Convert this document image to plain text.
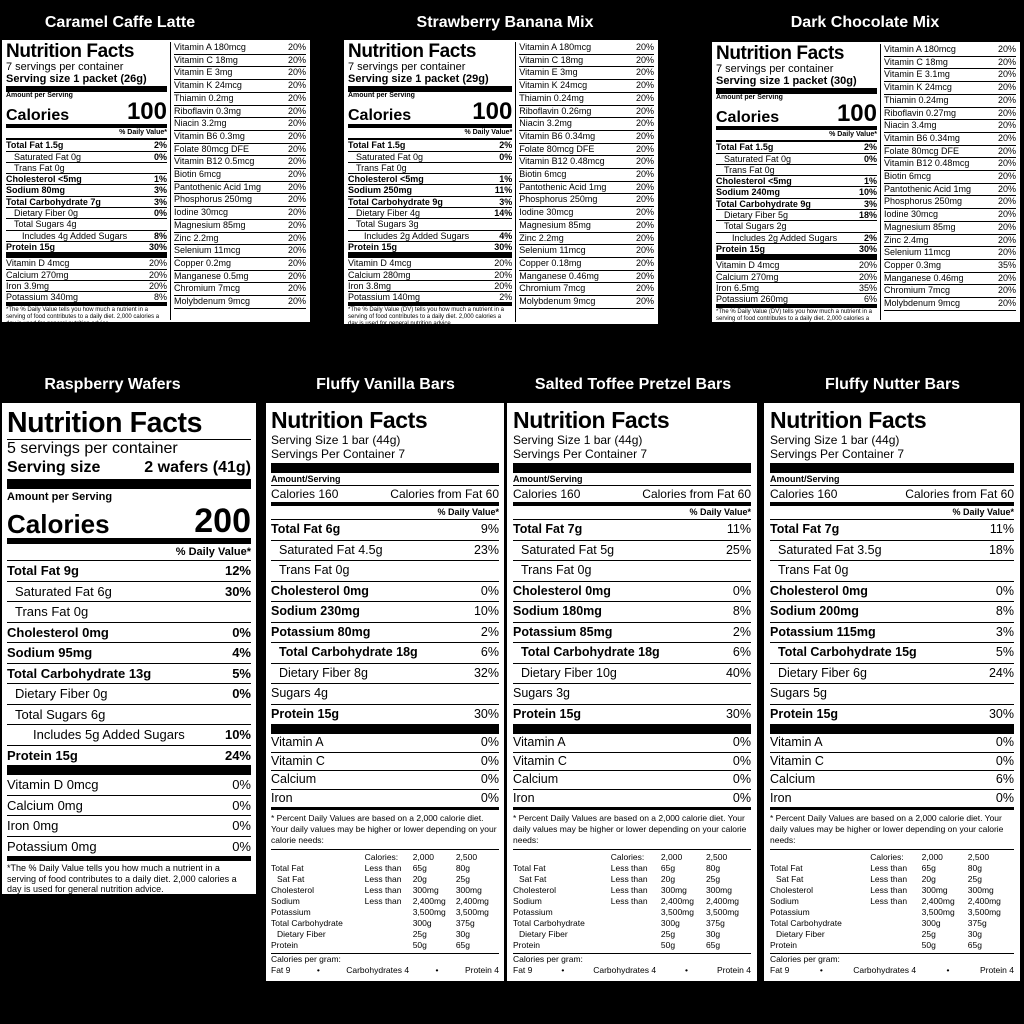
Caramel Caffe Latte	Strawberry Banana Mix	Dark Chocolate Mix
Raspberry Wafers	Fluffy Vanilla Bars	Salted Toffee Pretzel Bars	Fluffy Nutter Bars
Nutrition Facts
7 servings per container
Serving size 1 packet (26g)
Amount per Serving
Calories 100
% Daily Value*
Total Fat 1.5g	2%
Saturated Fat 0g	0%
Trans Fat 0g
Cholesterol <5mg	1%
Sodium 80mg	3%
Total Carbohydrate 7g	3%
Dietary Fiber 0g	0%
Total Sugars 4g
Includes 4g Added Sugars	8%
Protein 15g	30%
Vitamin D 4mcg	20%
Calcium 270mg	20%
Iron 3.9mg	20%
Potassium 340mg	8%
*The % Daily Value tells you how much a nutrient in a serving of food contributes to a daily diet. 2,000 calories a day is used for general nutrition advice.
Vitamin A 180mcg	20%
Vitamin C 18mg	20%
Vitamin E 3mg	20%
Vitamin K 24mcg	20%
Thiamin 0.2mg	20%
Riboflavin 0.3mg	20%
Niacin 3.2mg	20%
Vitamin B6 0.3mg	20%
Folate 80mcg DFE	20%
Vitamin B12 0.5mcg	20%
Biotin 6mcg	20%
Pantothenic Acid 1mg	20%
Phosphorus 250mg	20%
Iodine 30mcg	20%
Magnesium 85mg	20%
Zinc 2.2mg	20%
Selenium 11mcg	20%
Copper 0.2mg	20%
Manganese 0.5mg	20%
Chromium 7mcg	20%
Molybdenum 9mcg	20%
Nutrition Facts
7 servings per container
Serving size 1 packet (29g)
Amount per Serving
Calories	100
% Daily Value*
Total Fat 1.5g	2%
Saturated Fat 0g	0%
Trans Fat 0g
Cholesterol <5mg	1%
Sodium 250mg	11%
Total Carbohydrate 9g	3%
Dietary Fiber 4g	14%
Total Sugars 3g
Includes 2g Added Sugars	4%
Protein 15g	30%
Vitamin D 4mcg	20%
Calcium 280mg	20%
Iron 3.8mg	20%
Potassium 140mg	2%
*The % Daily Value (DV) tells you how much a nutrient in a serving of food contributes to a daily diet. 2,000 calories a day is used for general nutrition advice.
Vitamin A 180mcg	20%
Vitamin C 18mg	20%
Vitamin E 3mg	20%
Vitamin K 24mcg	20%
Thiamin 0.24mg	20%
Riboflavin 0.26mg	20%
Niacin 3.2mg	20%
Vitamin B6 0.34mg	20%
Folate 80mcg DFE	20%
Vitamin B12 0.48mcg	20%
Biotin 6mcg	20%
Pantothenic Acid 1mg	20%
Phosphorus 250mg	20%
Iodine 30mcg	20%
Magnesium 85mg	20%
Zinc 2.2mg	20%
Selenium 11mcg	20%
Copper 0.18mg	20%
Manganese 0.46mg	20%
Chromium 7mcg	20%
Molybdenum 9mcg	20%
Nutrition Facts
7 servings per container
Serving size 1 packet (30g)
Amount per Serving
Calories 100
% Daily Value*
Total Fat 1.5g	2%
Saturated Fat 0g	0%
Trans Fat 0g
Cholesterol <5mg	1%
Sodium 240mg	10%
Total Carbohydrate 9g	3%
Dietary Fiber 5g	18%
Total Sugars 2g
Includes 2g Added Sugars	2%
Protein 15g	30%
Vitamin D 4mcg	20%
Calcium 270mg	20%
Iron 6.5mg	35%
Potassium 260mg	6%
*The % Daily Value (DV) tells you how much a nutrient in a serving of food contributes to a daily diet. 2,000 calories a day is used for general nutrition advice.
Vitamin A 180mcg	20%
Vitamin C 18mg	20%
Vitamin E 3.1mg	20%
Vitamin K 24mcg	20%
Thiamin 0.24mg	20%
Riboflavin 0.27mg	20%
Niacin 3.4mg	20%
Vitamin B6 0.34mg	20%
Folate 80mcg DFE	20%
Vitamin B12 0.48mcg	20%
Biotin 6mcg	20%
Pantothenic Acid 1mg	20%
Phosphorus 250mg	20%
Iodine 30mcg	20%
Magnesium 85mg	20%
Zinc 2.4mg	20%
Selenium 11mcg	20%
Copper 0.3mg	35%
Manganese 0.46mg	20%
Chromium 7mcg	20%
Molybdenum 9mcg	20%
Nutrition Facts
5 servings per container
Serving size	2 wafers (41g)
Amount per Serving
Calories 200
% Daily Value*
Total Fat 9g	12%
Saturated Fat 6g	30%
Trans Fat 0g
Cholesterol 0mg	0%
Sodium 95mg	4%
Total Carbohydrate 13g	5%
Dietary Fiber 0g	0%
Total Sugars 6g
Includes 5g Added Sugars	10%
Protein 15g	24%
Vitamin D 0mcg	0%
Calcium 0mg	0%
Iron 0mg	0%
Potassium 0mg	0%
*The % Daily Value tells you how much a nutrient in a serving of food contributes to a daily diet. 2,000 calories a day is used for general nutrition advice.
Nutrition Facts
Serving Size 1 bar (44g)
Servings Per Container 7
Amount/Serving
Calories 160	Calories from Fat 60
% Daily Value*
Total Fat 6g	9%
Saturated Fat 4.5g	23%
Trans Fat 0g
Cholesterol 0mg	0%
Sodium 230mg	10%
Potassium 80mg	2%
Total Carbohydrate 18g	6%
Dietary Fiber 8g	32%
Sugars 4g
Protein 15g	30%
Vitamin A	0%
Vitamin C	0%
Calcium	0%
Iron	0%
* Percent Daily Values are based on a 2,000 calorie diet. Your daily values may be higher or lower depending on your calorie needs:
	Calories:	2,000	2,500
Total Fat	Less than	65g	80g
Sat Fat	Less than	20g	25g
Cholesterol	Less than	300mg	300mg
Sodium	Less than	2,400mg	2,400mg
Potassium		3,500mg	3,500mg
Total Carbohydrate		300g	375g
Dietary Fiber		25g	30g
Protein		50g	65g
Calories per gram:
Fat 9	•	Carbohydrates 4	•	Protein 4
Nutrition Facts
Serving Size 1 bar (44g)
Servings Per Container 7
Amount/Serving
Calories 160	Calories from Fat 60
% Daily Value*
Total Fat 7g	11%
Saturated Fat 5g	25%
Trans Fat 0g
Cholesterol 0mg	0%
Sodium 180mg	8%
Potassium 85mg	2%
Total Carbohydrate 18g	6%
Dietary Fiber 10g	40%
Sugars 3g
Protein 15g	30%
Vitamin A	0%
Vitamin C	0%
Calcium	0%
Iron	0%
* Percent Daily Values are based on a 2,000 calorie diet. Your daily values may be higher or lower depending on your calorie needs:
	Calories:	2,000	2,500
Total Fat	Less than	65g	80g
Sat Fat	Less than	20g	25g
Cholesterol	Less than	300mg	300mg
Sodium	Less than	2,400mg	2,400mg
Potassium		3,500mg	3,500mg
Total Carbohydrate		300g	375g
Dietary Fiber		25g	30g
Protein		50g	65g
Calories per gram:
Fat 9	•	Carbohydrates 4	•	Protein 4
Nutrition Facts
Serving Size 1 bar (44g)
Servings Per Container 7
Amount/Serving
Calories 160	Calories from Fat 60
% Daily Value*
Total Fat 7g	11%
Saturated Fat 3.5g	18%
Trans Fat 0g
Cholesterol 0mg	0%
Sodium 200mg	8%
Potassium 115mg	3%
Total Carbohydrate 15g	5%
Dietary Fiber 6g	24%
Sugars 5g
Protein 15g	30%
Vitamin A	0%
Vitamin C	0%
Calcium	6%
Iron	0%
* Percent Daily Values are based on a 2,000 calorie diet. Your daily values may be higher or lower depending on your calorie needs:
	Calories:	2,000	2,500
Total Fat	Less than	65g	80g
Sat Fat	Less than	20g	25g
Cholesterol	Less than	300mg	300mg
Sodium	Less than	2,400mg	2,400mg
Potassium		3,500mg	3,500mg
Total Carbohydrate		300g	375g
Dietary Fiber		25g	30g
Protein		50g	65g
Calories per gram:
Fat 9	•	Carbohydrates 4	•	Protein 4
